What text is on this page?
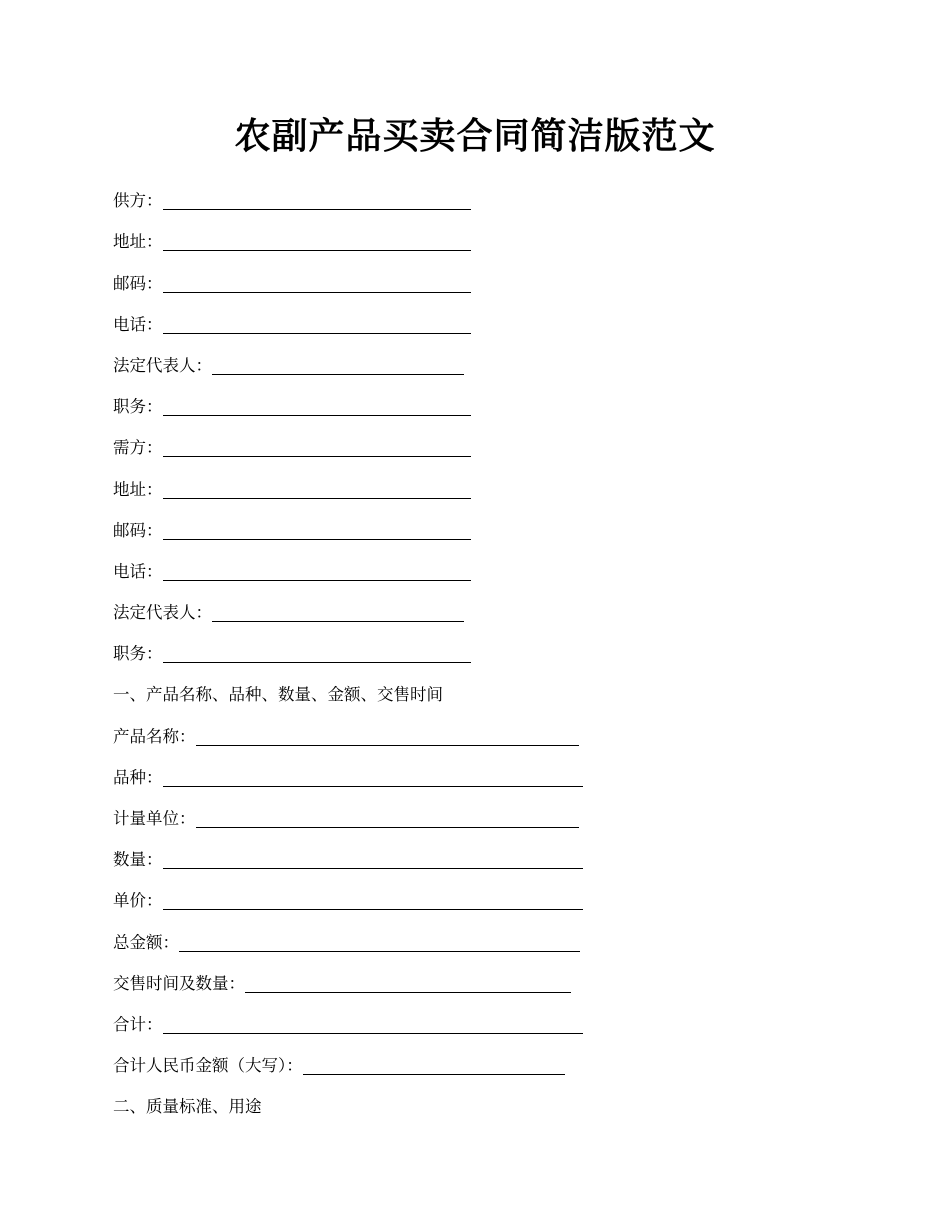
农副产品买卖合同简洁版范文
供方：
地址：
邮码：
电话：
法定代表人：
职务：
需方：
地址：
邮码：
电话：
法定代表人：
职务：
一、产品名称、品种、数量、金额、交售时间
产品名称：
品种：
计量单位：
数量：
单价：
总金额：
交售时间及数量：
合计：
合计人民币金额（大写）：
二、质量标准、用途
